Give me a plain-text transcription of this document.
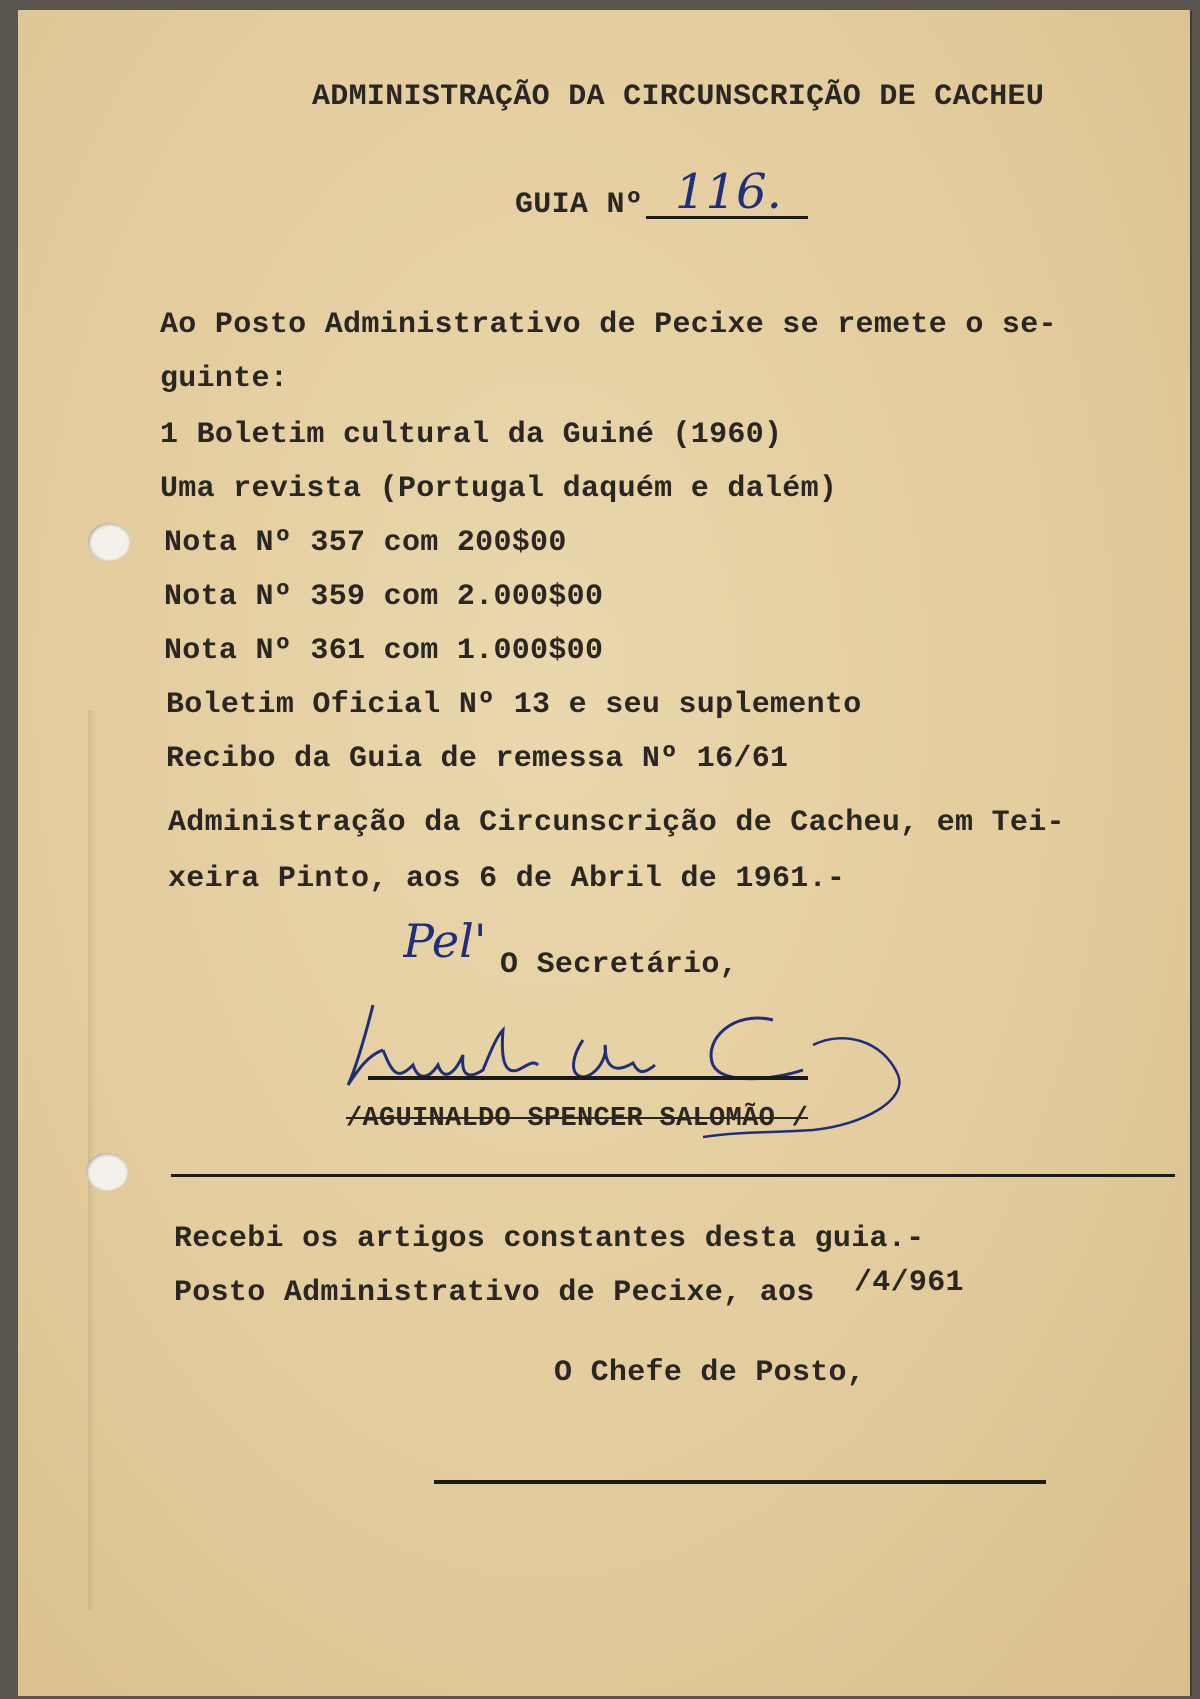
ADMINISTRAÇÃO DA CIRCUNSCRIÇÃO DE CACHEU
GUIA Nº 116.
Ao Posto Administrativo de Pecixe se remete o se-
guinte:
1 Boletim cultural da Guiné (1960)
Uma revista (Portugal daquém e dalém)
Nota Nº 357 com 200$00
Nota Nº 359 com 2.000$00
Nota Nº 361 com 1.000$00
Boletim Oficial Nº 13 e seu suplemento
Recibo da Guia de remessa Nº 16/61
Administração da Circunscrição de Cacheu, em Tei-
xeira Pinto, aos 6 de Abril de 1961.-
Pel' O Secretário,
/AGUINALDO SPENCER SALOMÃO /
Recebi os artigos constantes desta guia.-
Posto Administrativo de Pecixe, aos /4/961
O Chefe de Posto,
